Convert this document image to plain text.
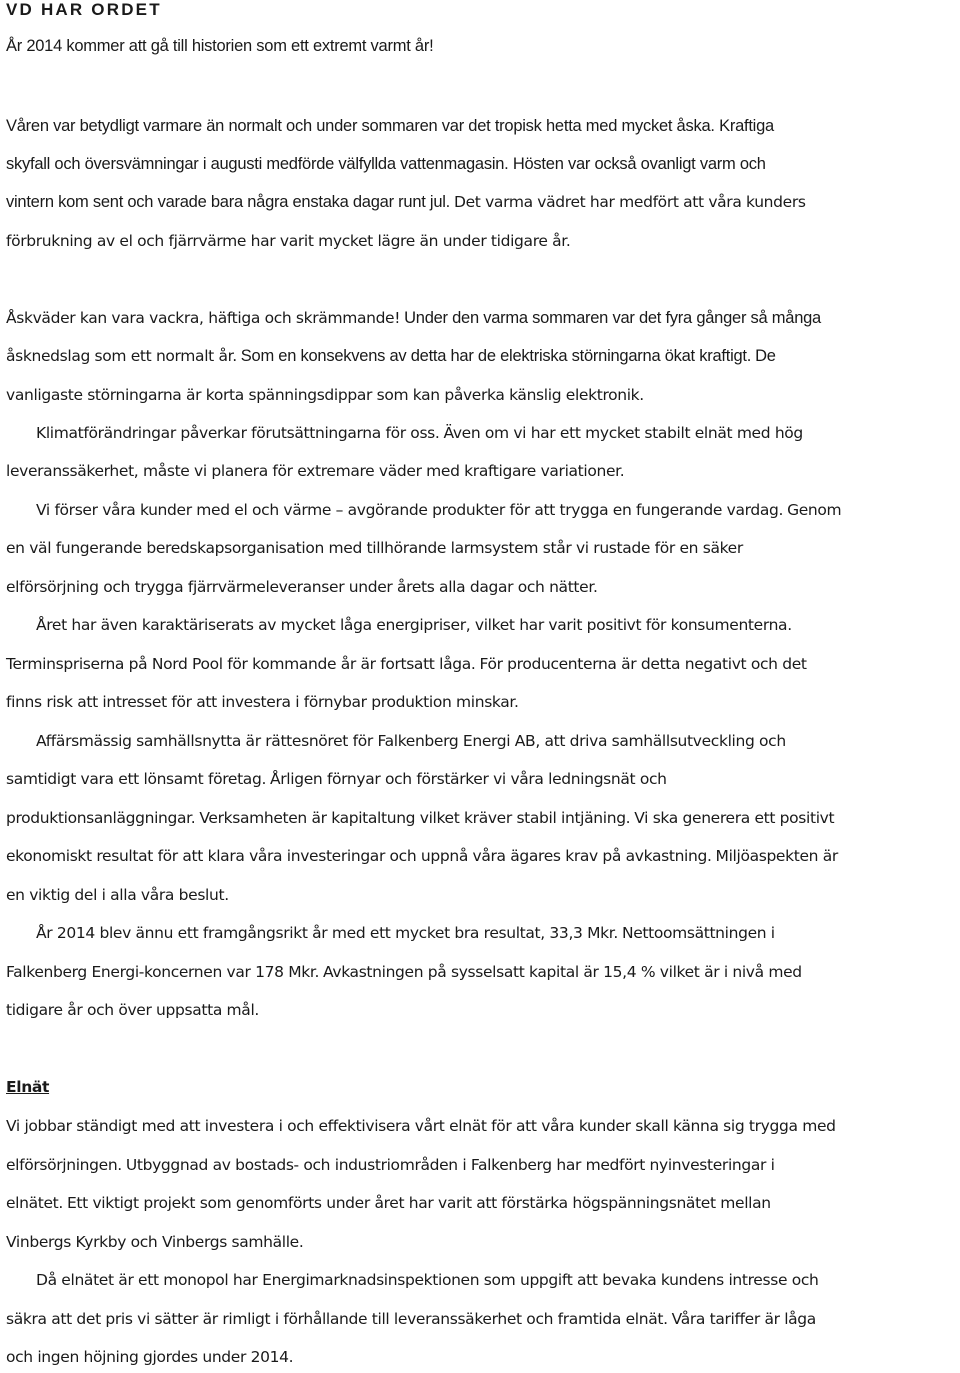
VD HAR ORDET

År 2014 kommer att gå till historien som ett extremt varmt år!

Våren var betydligt varmare än normalt och under sommaren var det tropisk hetta med mycket åska. Kraftiga

skyfall och översvämningar i augusti medförde välfyllda vattenmagasin. Hösten var också ovanligt varm och

vintern kom sent och varade bara några enstaka dagar runt jul. Det varma vädret har medfört att våra kunders

förbrukning av el och fjärrvärme har varit mycket lägre än under tidigare år.

Åskväder kan vara vackra, häftiga och skrämmande! Under den varma sommaren var det fyra gånger så många

åsknedslag som ett normalt år. Som en konsekvens av detta har de elektriska störningarna ökat kraftigt. De

vanligaste störningarna är korta spänningsdippar som kan påverka känslig elektronik.

Klimatförändringar påverkar förutsättningarna för oss. Även om vi har ett mycket stabilt elnät med hög

leveranssäkerhet, måste vi planera för extremare väder med kraftigare variationer.

Vi förser våra kunder med el och värme – avgörande produkter för att trygga en fungerande vardag. Genom

en väl fungerande beredskapsorganisation med tillhörande larmsystem står vi rustade för en säker

elförsörjning och trygga fjärrvärmeleveranser under årets alla dagar och nätter.

Året har även karaktäriserats av mycket låga energipriser, vilket har varit positivt för konsumenterna.

Terminspriserna på Nord Pool för kommande år är fortsatt låga. För producenterna är detta negativt och det

finns risk att intresset för att investera i förnybar produktion minskar.

Affärsmässig samhällsnytta är rättesnöret för Falkenberg Energi AB, att driva samhällsutveckling och

samtidigt vara ett lönsamt företag. Årligen förnyar och förstärker vi våra ledningsnät och

produktionsanläggningar. Verksamheten är kapitaltung vilket kräver stabil intjäning. Vi ska generera ett positivt

ekonomiskt resultat för att klara våra investeringar och uppnå våra ägares krav på avkastning. Miljöaspekten är

en viktig del i alla våra beslut.

År 2014 blev ännu ett framgångsrikt år med ett mycket bra resultat, 33,3 Mkr. Nettoomsättningen i

Falkenberg Energi-koncernen var 178 Mkr. Avkastningen på sysselsatt kapital är 15,4 % vilket är i nivå med

tidigare år och över uppsatta mål.

Elnät

Vi jobbar ständigt med att investera i och effektivisera vårt elnät för att våra kunder skall känna sig trygga med

elförsörjningen. Utbyggnad av bostads- och industriområden i Falkenberg har medfört nyinvesteringar i

elnätet. Ett viktigt projekt som genomförts under året har varit att förstärka högspänningsnätet mellan

Vinbergs Kyrkby och Vinbergs samhälle.

Då elnätet är ett monopol har Energimarknadsinspektionen som uppgift att bevaka kundens intresse och

säkra att det pris vi sätter är rimligt i förhållande till leveranssäkerhet och framtida elnät. Våra tariffer är låga

och ingen höjning gjordes under 2014.
